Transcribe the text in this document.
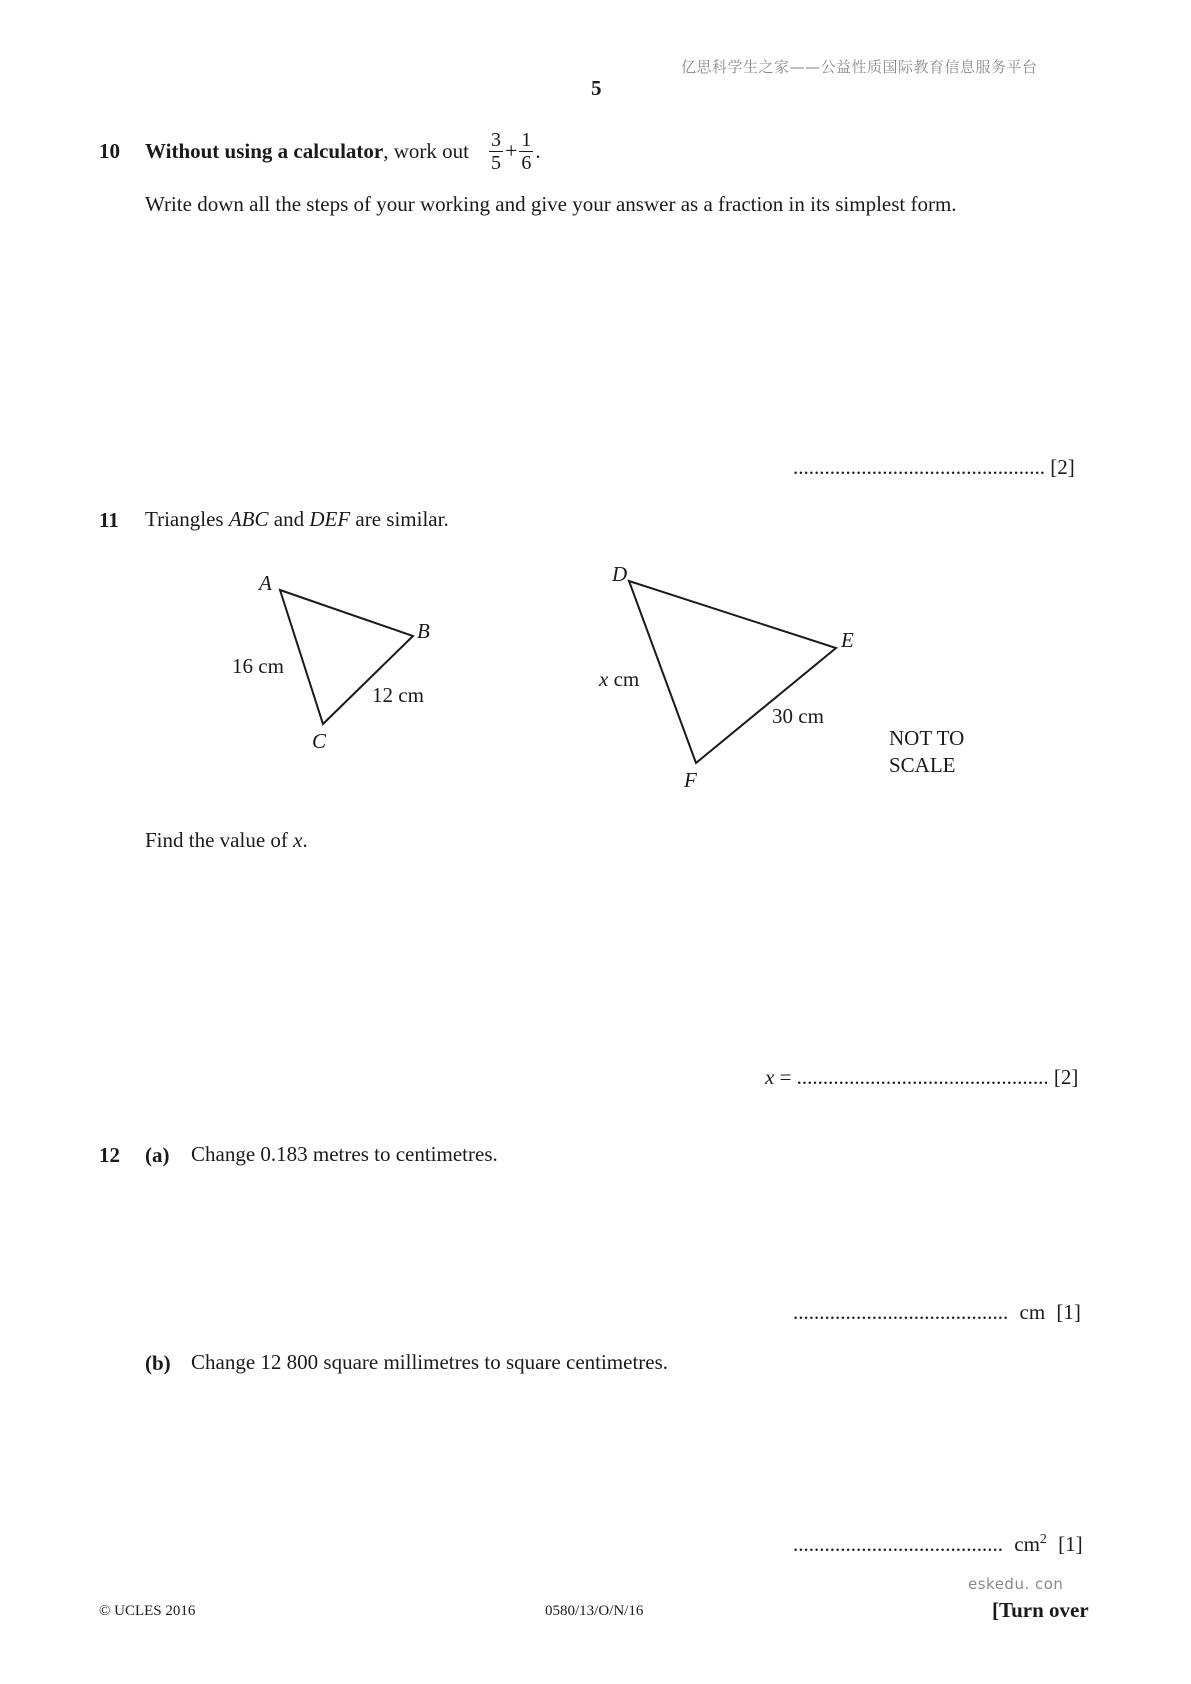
亿思科学生之家——公益性质国际教育信息服务平台
5
10 Without using a calculator , work out $\frac{3}{5} + \frac{1}{6}$ .
Write down all the steps of your working and give your answer as a fraction in its simplest form.
................................................ [2]
11 Triangles ABC and DEF are similar.
A
B
C
16 cm
12 cm
D
E
F
x cm
30 cm
NOT TO
SCALE
Find the value of x.
x = ................................................ [2]
12 (a) Change 0.183 metres to centimetres.
......................................... cm [1]
(b) Change 12 800 square millimetres to square centimetres.
........................................ $cm^2$ [1]
eskedu. con
© UCLES 2016	0580/13/O/N/16	[Turn over
